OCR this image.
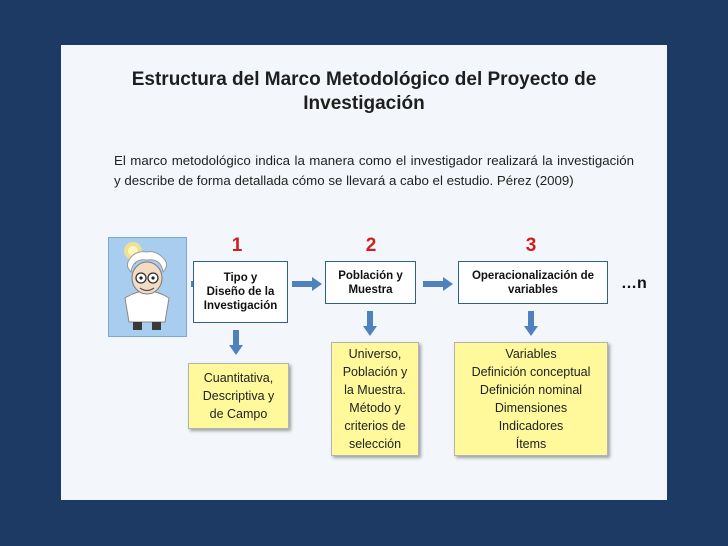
Estructura del Marco Metodológico del Proyecto de
Investigación
El marco metodológico indica la manera como el investigador realizará la investigación y describe de forma detallada cómo se llevará a cabo el estudio. Pérez (2009)
1	2	3
Tipo y
Diseño de la
Investigación
Población y
Muestra
Operacionalización de
variables	…n
Cuantitativa,
Descriptiva y
de Campo
Universo,
Población y
la Muestra.
Método y
criterios de
selección
Variables
Definición conceptual
Definición nominal
Dimensiones
Indicadores
Ítems
